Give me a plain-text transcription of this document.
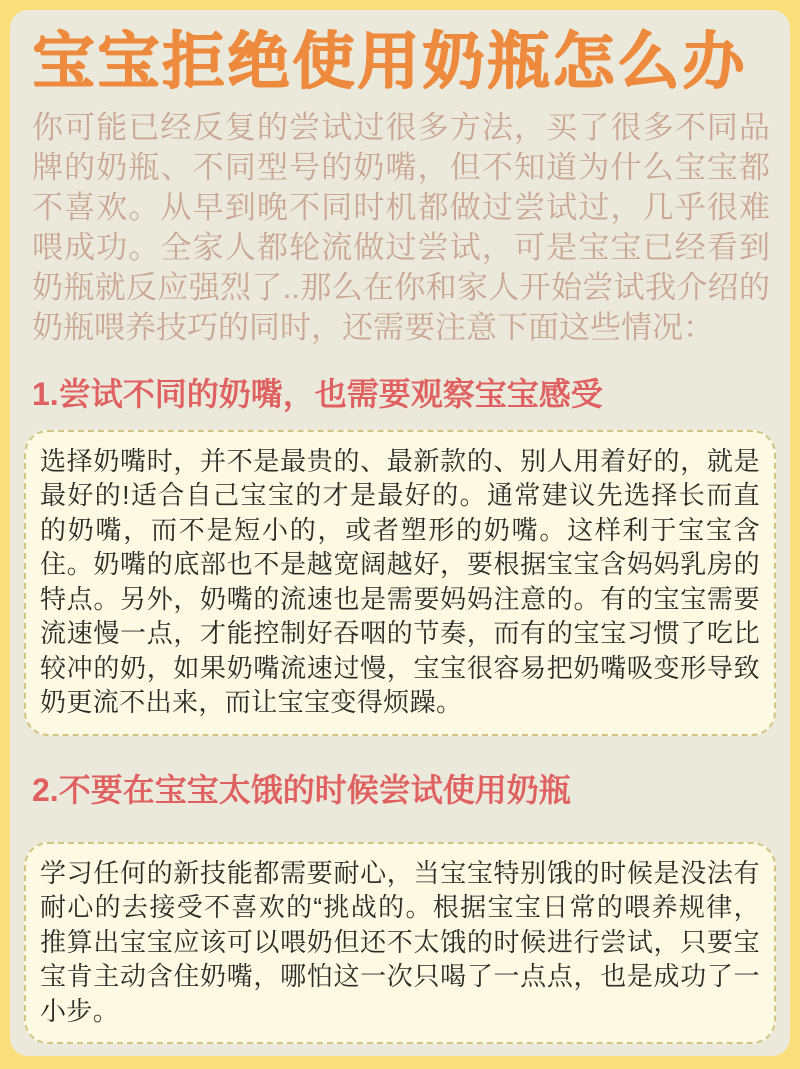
宝宝拒绝使用奶瓶怎么办

你可能已经反复的尝试过很多方法，买了很多不同品牌的奶瓶、不同型号的奶嘴，但不知道为什么宝宝都不喜欢。从早到晚不同时机都做过尝试过，几乎很难喂成功。全家人都轮流做过尝试，可是宝宝已经看到奶瓶就反应强烈了..那么在你和家人开始尝试我介绍的奶瓶喂养技巧的同时，还需要注意下面这些情况：

1.尝试不同的奶嘴，也需要观察宝宝感受
选择奶嘴时，并不是最贵的、最新款的、别人用着好的，就是最好的!适合自己宝宝的才是最好的。通常建议先选择长而直的奶嘴，而不是短小的，或者塑形的奶嘴。这样利于宝宝含住。奶嘴的底部也不是越宽阔越好，要根据宝宝含妈妈乳房的特点。另外，奶嘴的流速也是需要妈妈注意的。有的宝宝需要流速慢一点，才能控制好吞咽的节奏，而有的宝宝习惯了吃比较冲的奶，如果奶嘴流速过慢，宝宝很容易把奶嘴吸变形导致奶更流不出来，而让宝宝变得烦躁。
2.不要在宝宝太饿的时候尝试使用奶瓶
学习任何的新技能都需要耐心，当宝宝特别饿的时候是没法有耐心的去接受不喜欢的“挑战的。根据宝宝日常的喂养规律，推算出宝宝应该可以喂奶但还不太饿的时候进行尝试，只要宝宝肯主动含住奶嘴，哪怕这一次只喝了一点点，也是成功了一小步。
